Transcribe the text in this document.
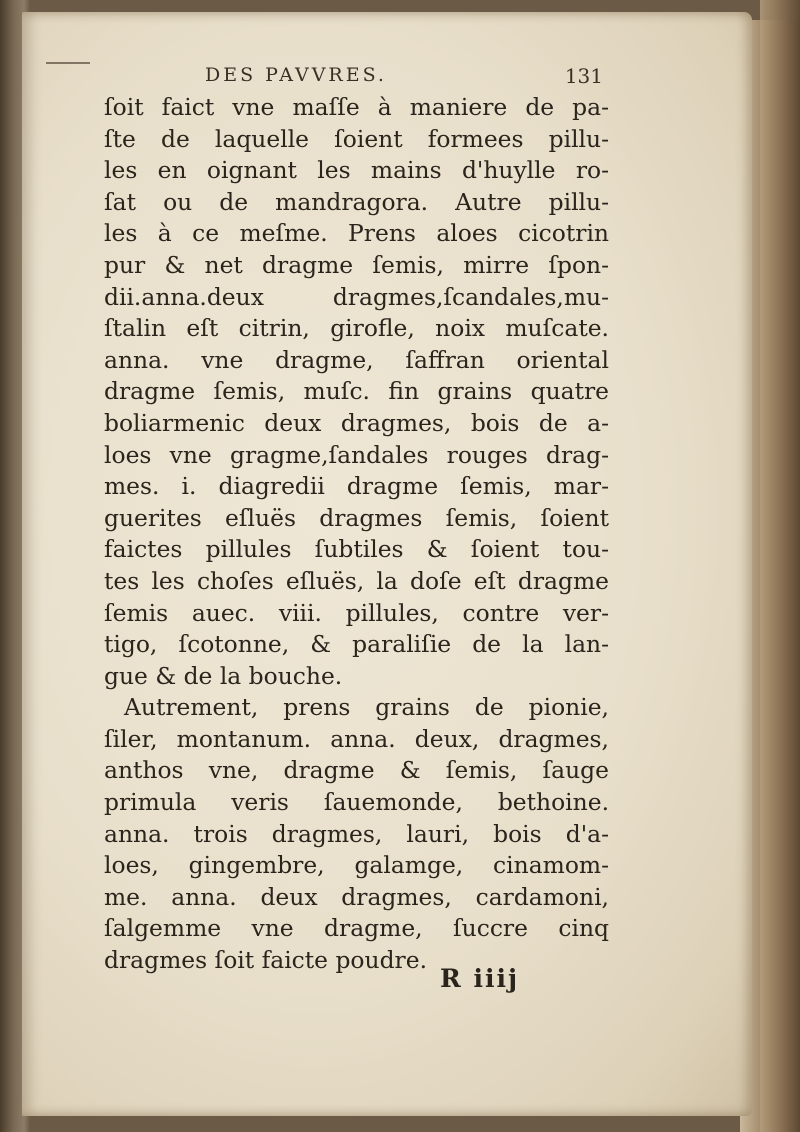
DES PAVVRES.	131
ſoit faict vne maſſe à maniere de pa-
ſte de laquelle ſoient formees pillu-
les en oignant les mains d'huylle ro-
ſat ou de mandragora. Autre pillu-
les à ce meſme. Prens aloes cicotrin
pur & net dragme ſemis, mirre ſpon-
dii.anna.deux dragmes,ſcandales,mu-
ſtalin eſt citrin, girofle, noix muſcate.
anna. vne dragme, ſaffran oriental
dragme ſemis, muſc. fin grains quatre
boliarmenic deux dragmes, bois de a-
loes vne gragme,ſandales rouges drag-
mes. i. diagredii dragme ſemis, mar-
guerites eſluës dragmes ſemis, ſoient
faictes pillules ſubtiles & ſoient tou-
tes les choſes eſluës, la doſe eſt dragme
ſemis auec. viii. pillules, contre ver-
tigo, ſcotonne, & paraliſie de la lan-
gue & de la bouche.
Autrement, prens grains de pionie,
ſiler, montanum. anna. deux, dragmes,
anthos vne, dragme & ſemis, ſauge
primula veris ſauemonde, bethoine.
anna. trois dragmes, lauri, bois d'a-
loes, gingembre, galamge, cinamom-
me. anna. deux dragmes, cardamoni,
ſalgemme vne dragme, ſuccre cinq
dragmes ſoit faicte poudre.
R iiij
